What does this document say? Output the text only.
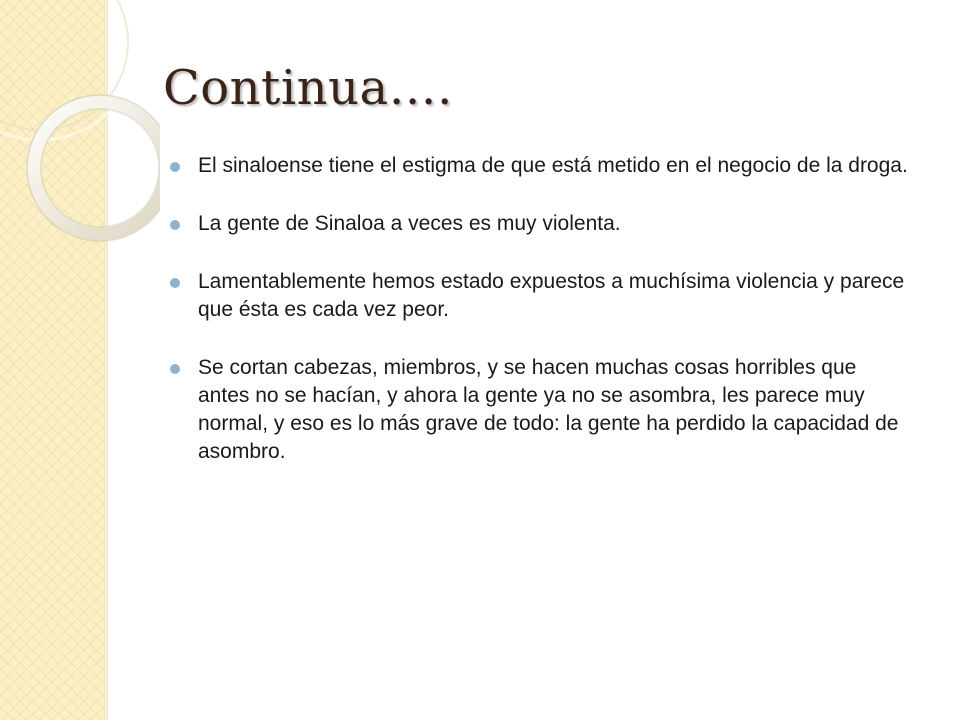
Continua….
El sinaloense tiene el estigma de que está metido en el negocio de la droga.
La gente de Sinaloa a veces es muy violenta.
Lamentablemente hemos estado expuestos a muchísima violencia y parece que ésta es cada vez peor.
Se cortan cabezas, miembros, y se hacen muchas cosas horribles que antes no se hacían, y ahora la gente ya no se asombra, les parece muy normal, y eso es lo más grave de todo: la gente ha perdido la capacidad de asombro.
